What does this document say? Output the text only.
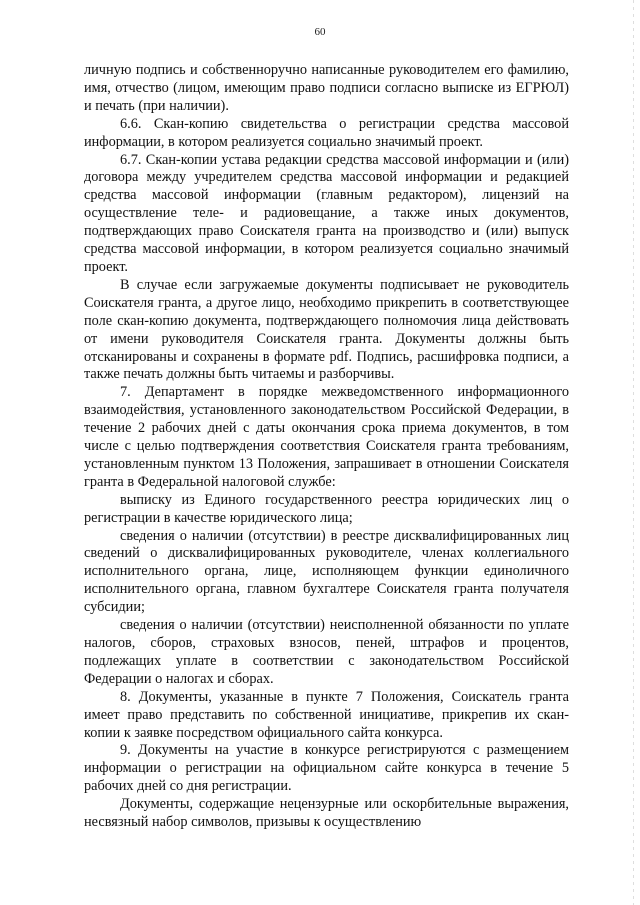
60

личную подпись и собственноручно написанные руководителем его фамилию, имя, отчество (лицом, имеющим право подписи согласно выписке из ЕГРЮЛ) и печать (при наличии).

6.6. Скан-копию свидетельства о регистрации средства массовой информации, в котором реализуется социально значимый проект.

6.7. Скан-копии устава редакции средства массовой информации и (или) договора между учредителем средства массовой информации и редакцией средства массовой информации (главным редактором), лицензий на осуществление теле- и радиовещание, а также иных документов, подтверждающих право Соискателя гранта на производство и (или) выпуск средства массовой информации, в котором реализуется социально значимый проект.

В случае если загружаемые документы подписывает не руководитель Соискателя гранта, а другое лицо, необходимо прикрепить в соответствующее поле скан-копию документа, подтверждающего полномочия лица действовать от имени руководителя Соискателя гранта. Документы должны быть отсканированы и сохранены в формате pdf. Подпись, расшифровка подписи, а также печать должны быть читаемы и разборчивы.

7. Департамент в порядке межведомственного информационного взаимодействия, установленного законодательством Российской Федерации, в течение 2 рабочих дней с даты окончания срока приема документов, в том числе с целью подтверждения соответствия Соискателя гранта требованиям, установленным пунктом 13 Положения, запрашивает в отношении Соискателя гранта в Федеральной налоговой службе:

выписку из Единого государственного реестра юридических лиц о регистрации в качестве юридического лица;

сведения о наличии (отсутствии) в реестре дисквалифицированных лиц сведений о дисквалифицированных руководителе, членах коллегиального исполнительного органа, лице, исполняющем функции единоличного исполнительного органа, главном бухгалтере Соискателя гранта получателя субсидии;

сведения о наличии (отсутствии) неисполненной обязанности по уплате налогов, сборов, страховых взносов, пеней, штрафов и процентов, подлежащих уплате в соответствии с законодательством Российской Федерации о налогах и сборах.

8. Документы, указанные в пункте 7 Положения, Соискатель гранта имеет право представить по собственной инициативе, прикрепив их скан-копии к заявке посредством официального сайта конкурса.

9. Документы на участие в конкурсе регистрируются с размещением информации о регистрации на официальном сайте конкурса в течение 5 рабочих дней со дня регистрации.

Документы, содержащие нецензурные или оскорбительные выражения, несвязный набор символов, призывы к осуществлению
